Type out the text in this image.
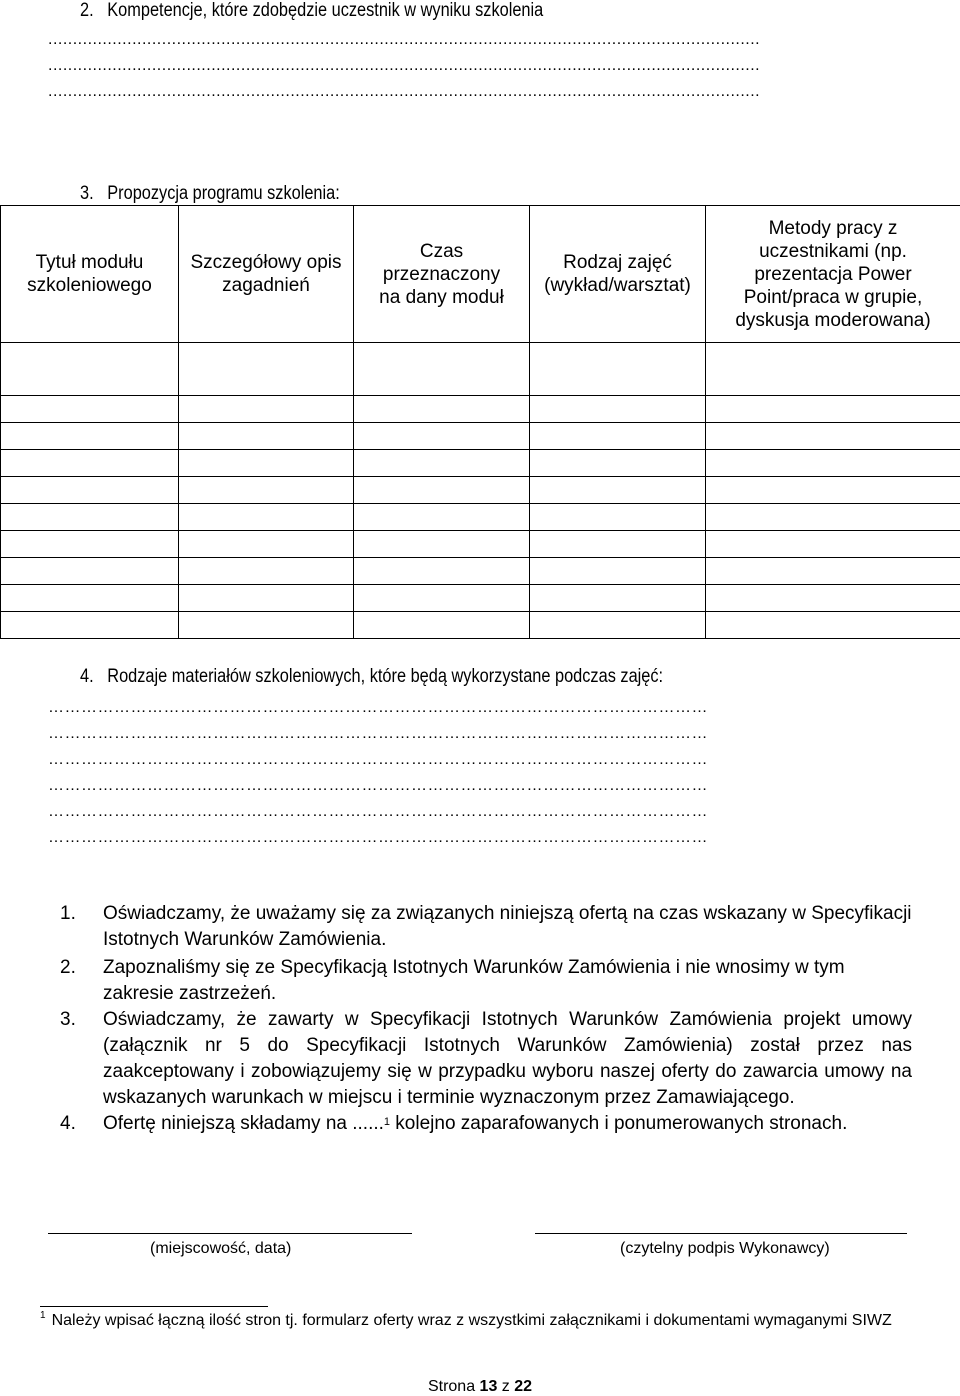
2. Kompetencje, które zdobędzie uczestnik w wyniku szkolenia
................................................................................................................................................
................................................................................................................................................
................................................................................................................................................
3. Propozycja programu szkolenia:
Tytuł modułu szkoleniowego	Szczegółowy opis zagadnień	Czas przeznaczony na dany moduł	Rodzaj zajęć (wykład/warsztat)	Metody pracy z uczestnikami (np. prezentacja Power Point/praca w grupie, dyskusja moderowana)

4. Rodzaje materiałów szkoleniowych, które będą wykorzystane podczas zajęć:
…………………………………………………………………………………………………………
…………………………………………………………………………………………………………
…………………………………………………………………………………………………………
…………………………………………………………………………………………………………
…………………………………………………………………………………………………………
…………………………………………………………………………………………………………
1.	Oświadczamy, że uważamy się za związanych niniejszą ofertą na czas wskazany w Specyfikacji Istotnych Warunków Zamówienia.
2.	Zapoznaliśmy się ze Specyfikacją Istotnych Warunków Zamówienia i nie wnosimy w tym zakresie zastrzeżeń.
3.	Oświadczamy, że zawarty w Specyfikacji Istotnych Warunków Zamówienia projekt umowy (załącznik nr 5 do Specyfikacji Istotnych Warunków Zamówienia) został przez nas zaakceptowany i zobowiązujemy się w przypadku wyboru naszej oferty do zawarcia umowy na wskazanych warunkach w miejscu i terminie wyznaczonym przez Zamawiającego.
4.	Ofertę niniejszą składamy na ......$^1$ kolejno zaparafowanych i ponumerowanych stronach.
(miejscowość, data)	(czytelny podpis Wykonawcy)
$^1$ Należy wpisać łączną ilość stron tj. formularz oferty wraz z wszystkimi załącznikami i dokumentami wymaganymi SIWZ
Strona 13 z 22
